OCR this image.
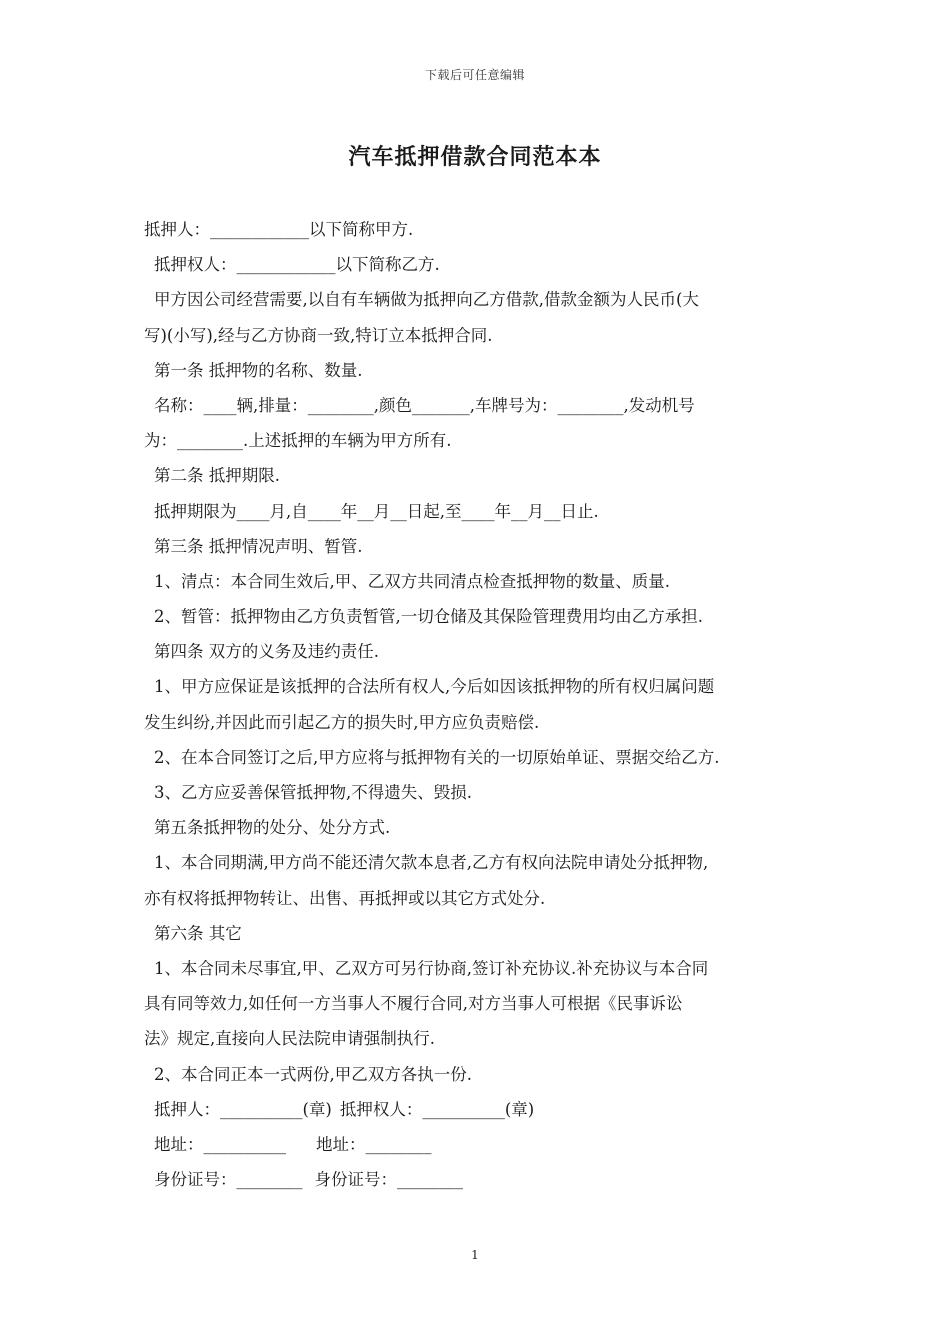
下载后可任意编辑
汽车抵押借款合同范本本
抵押人：____________以下简称甲方.
抵押权人：____________以下简称乙方.
甲方因公司经营需要,以自有车辆做为抵押向乙方借款,借款金额为人民币(大
写)(小写),经与乙方协商一致,特订立本抵押合同.
第一条 抵押物的名称、数量.
名称：____辆,排量：________,颜色_______,车牌号为：________,发动机号
为：________.上述抵押的车辆为甲方所有.
第二条 抵押期限.
抵押期限为____月,自____年__月__日起,至____年__月__日止.
第三条 抵押情况声明、暂管.
1、清点：本合同生效后,甲、乙双方共同清点检查抵押物的数量、质量.
2、暂管：抵押物由乙方负责暂管,一切仓储及其保险管理费用均由乙方承担.
第四条 双方的义务及违约责任.
1、甲方应保证是该抵押的合法所有权人,今后如因该抵押物的所有权归属问题
发生纠纷,并因此而引起乙方的损失时,甲方应负责赔偿.
2、在本合同签订之后,甲方应将与抵押物有关的一切原始单证、票据交给乙方.
3、乙方应妥善保管抵押物,不得遗失、毁损.
第五条抵押物的处分、处分方式.
1、本合同期满,甲方尚不能还清欠款本息者,乙方有权向法院申请处分抵押物,
亦有权将抵押物转让、出售、再抵押或以其它方式处分.
第六条 其它
1、本合同未尽事宜,甲、乙双方可另行协商,签订补充协议.补充协议与本合同
具有同等效力,如任何一方当事人不履行合同,对方当事人可根据《民事诉讼
法》规定,直接向人民法院申请强制执行.
2、本合同正本一式两份,甲乙双方各执一份.
抵押人：__________(章) 抵押权人：__________(章)
地址：__________ 地址：________
身份证号：________ 身份证号：________
1
